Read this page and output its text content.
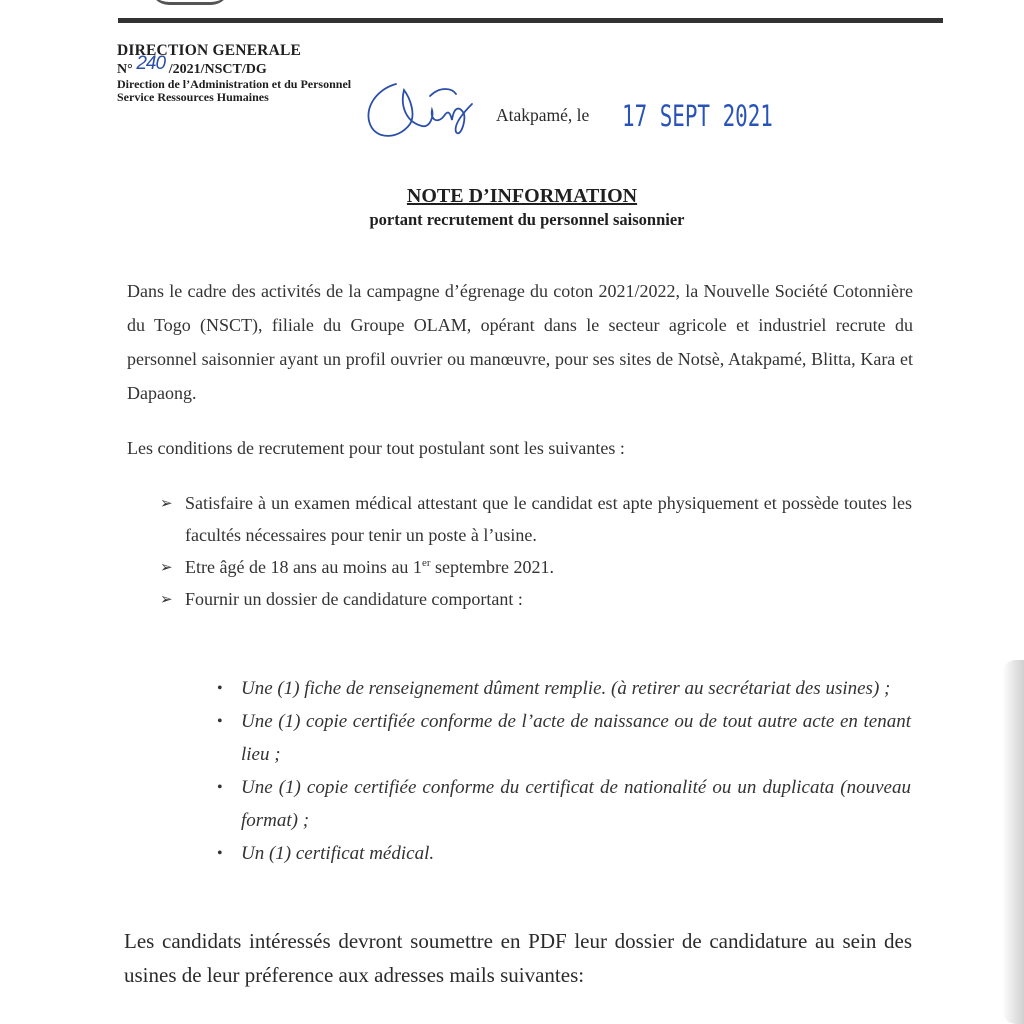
DIRECTION GENERALE
N° 240 /2021/NSCT/DG
Direction de l’Administration et du Personnel
Service Ressources Humaines
Atakpamé, le 17 SEPT 2021
NOTE D’INFORMATION
portant recrutement du personnel saisonnier
Dans le cadre des activités de la campagne d’égrenage du coton 2021/2022, la Nouvelle Société Cotonnière du Togo (NSCT), filiale du Groupe OLAM, opérant dans le secteur agricole et industriel recrute du personnel saisonnier ayant un profil ouvrier ou manœuvre, pour ses sites de Notsè, Atakpamé, Blitta, Kara et Dapaong.
Les conditions de recrutement pour tout postulant sont les suivantes :
➢ Satisfaire à un examen médical attestant que le candidat est apte physiquement et possède toutes les facultés nécessaires pour tenir un poste à l’usine.
➢ Etre âgé de 18 ans au moins au 1er septembre 2021.
➢ Fournir un dossier de candidature comportant :
• Une (1) fiche de renseignement dûment remplie. (à retirer au secrétariat des usines) ;
• Une (1) copie certifiée conforme de l’acte de naissance ou de tout autre acte en tenant lieu ;
• Une (1) copie certifiée conforme du certificat de nationalité ou un duplicata (nouveau format) ;
• Un (1) certificat médical.
Les candidats intéressés devront soumettre en PDF leur dossier de candidature au sein des usines de leur préference aux adresses mails suivantes:
